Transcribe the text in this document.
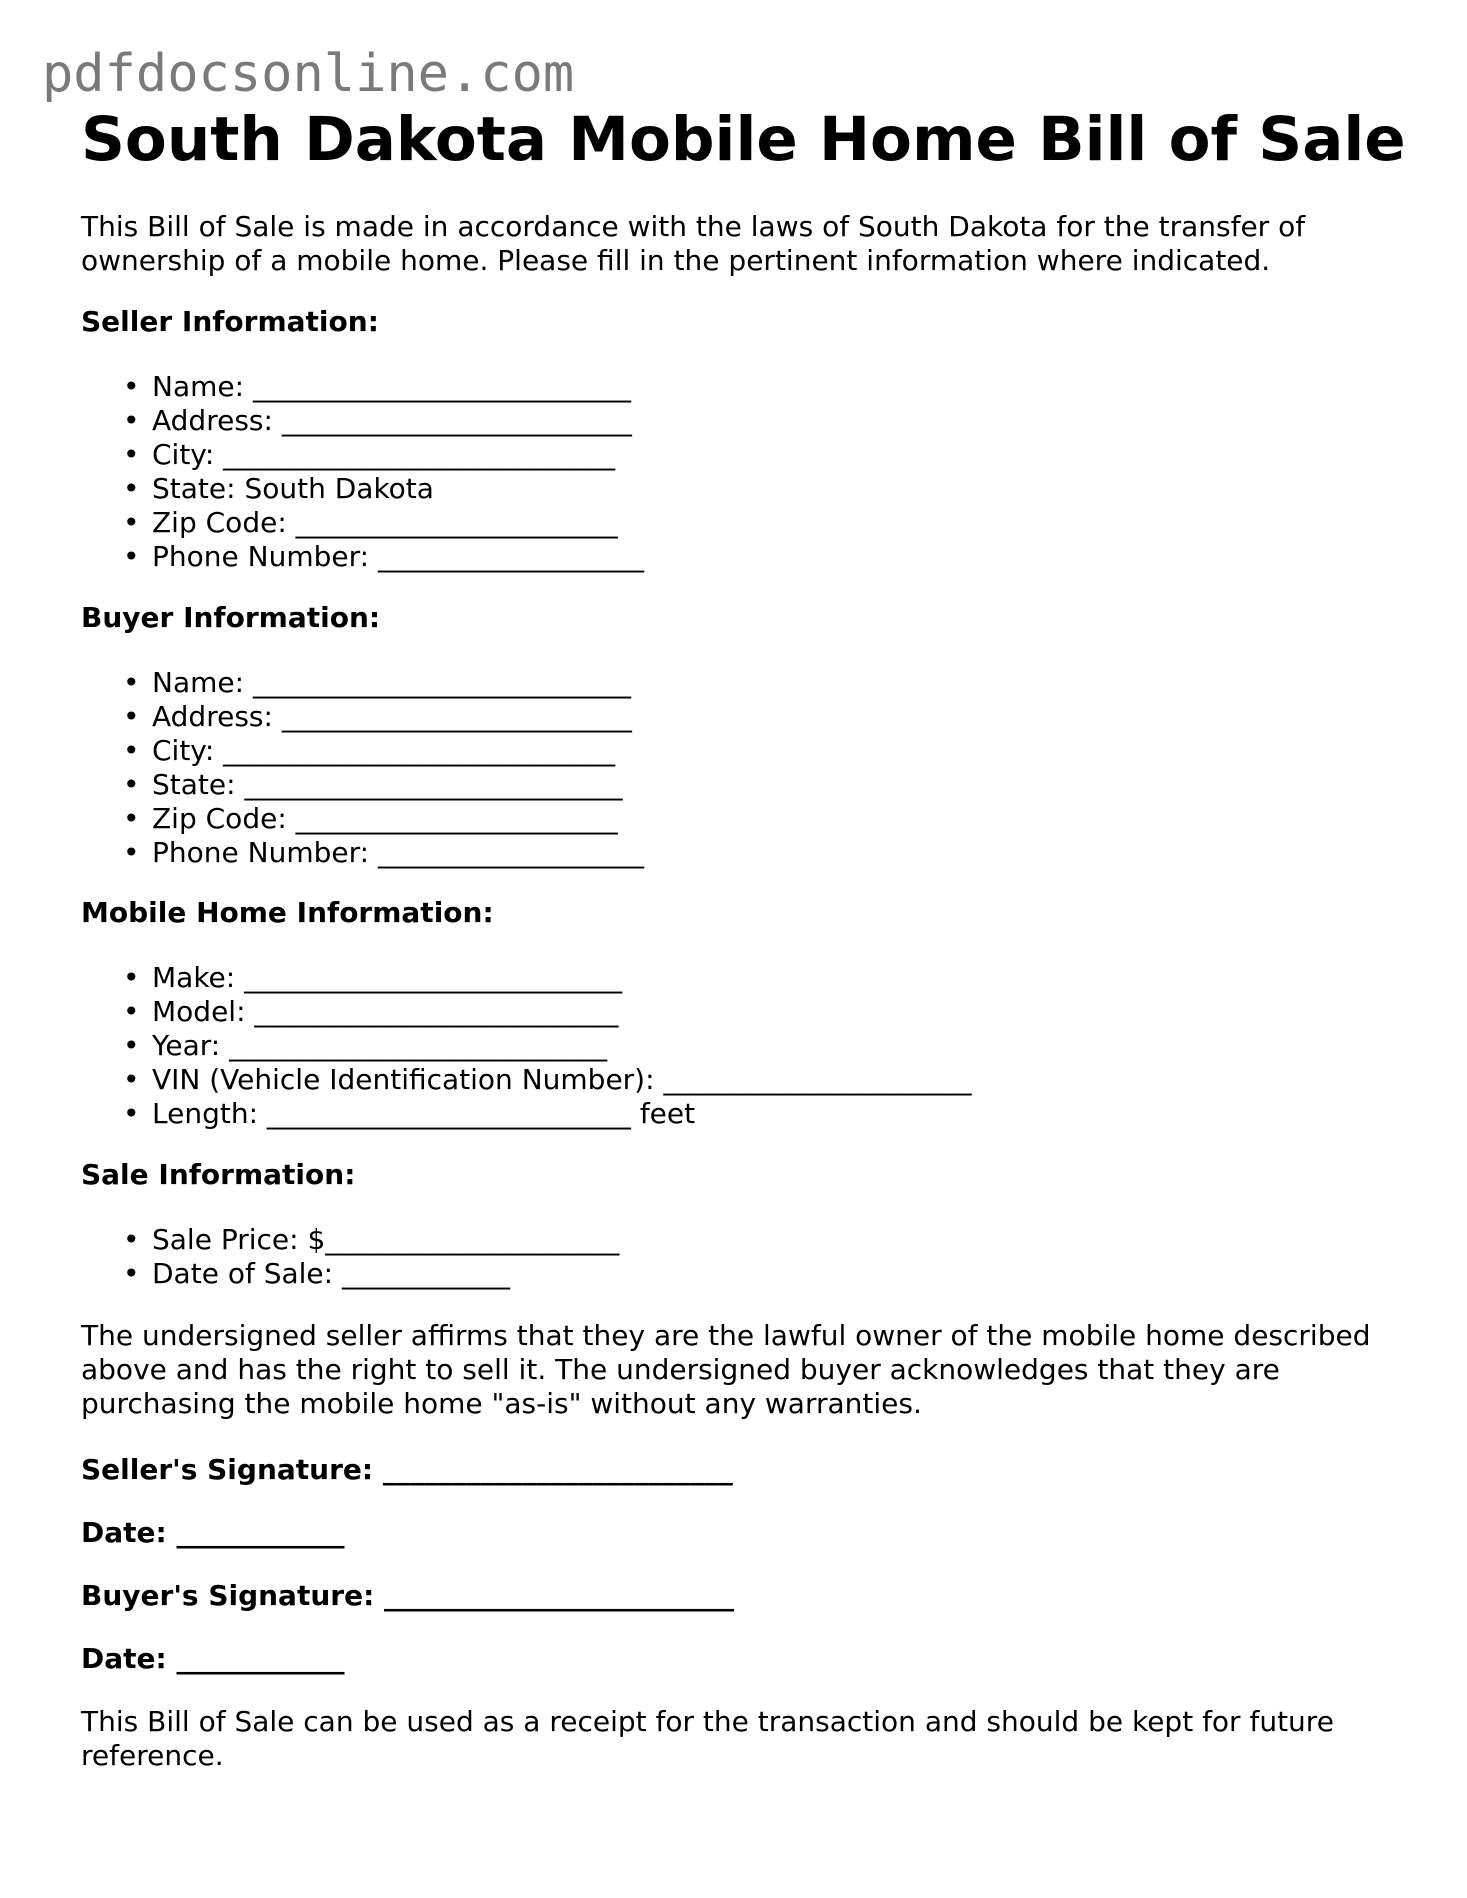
pdfdocsonline.com
South Dakota Mobile Home Bill of Sale

This Bill of Sale is made in accordance with the laws of South Dakota for the transfer of ownership of a mobile home. Please fill in the pertinent information where indicated.

Seller Information:
• Name: ___________________________
• Address: _________________________
• City: ____________________________
• State: South Dakota
• Zip Code: _______________________
• Phone Number: ___________________
Buyer Information:
• Name: ___________________________
• Address: _________________________
• City: ____________________________
• State: ___________________________
• Zip Code: _______________________
• Phone Number: ___________________
Mobile Home Information:
• Make: ___________________________
• Model: __________________________
• Year: ___________________________
• VIN (Vehicle Identification Number): ______________________
• Length: __________________________ feet
Sale Information:
• Sale Price: $_____________________
• Date of Sale: ____________

The undersigned seller affirms that they are the lawful owner of the mobile home described above and has the right to sell it. The undersigned buyer acknowledges that they are purchasing the mobile home "as-is" without any warranties.

Seller's Signature: _________________________
Date: ____________
Buyer's Signature: _________________________
Date: ____________

This Bill of Sale can be used as a receipt for the transaction and should be kept for future reference.
